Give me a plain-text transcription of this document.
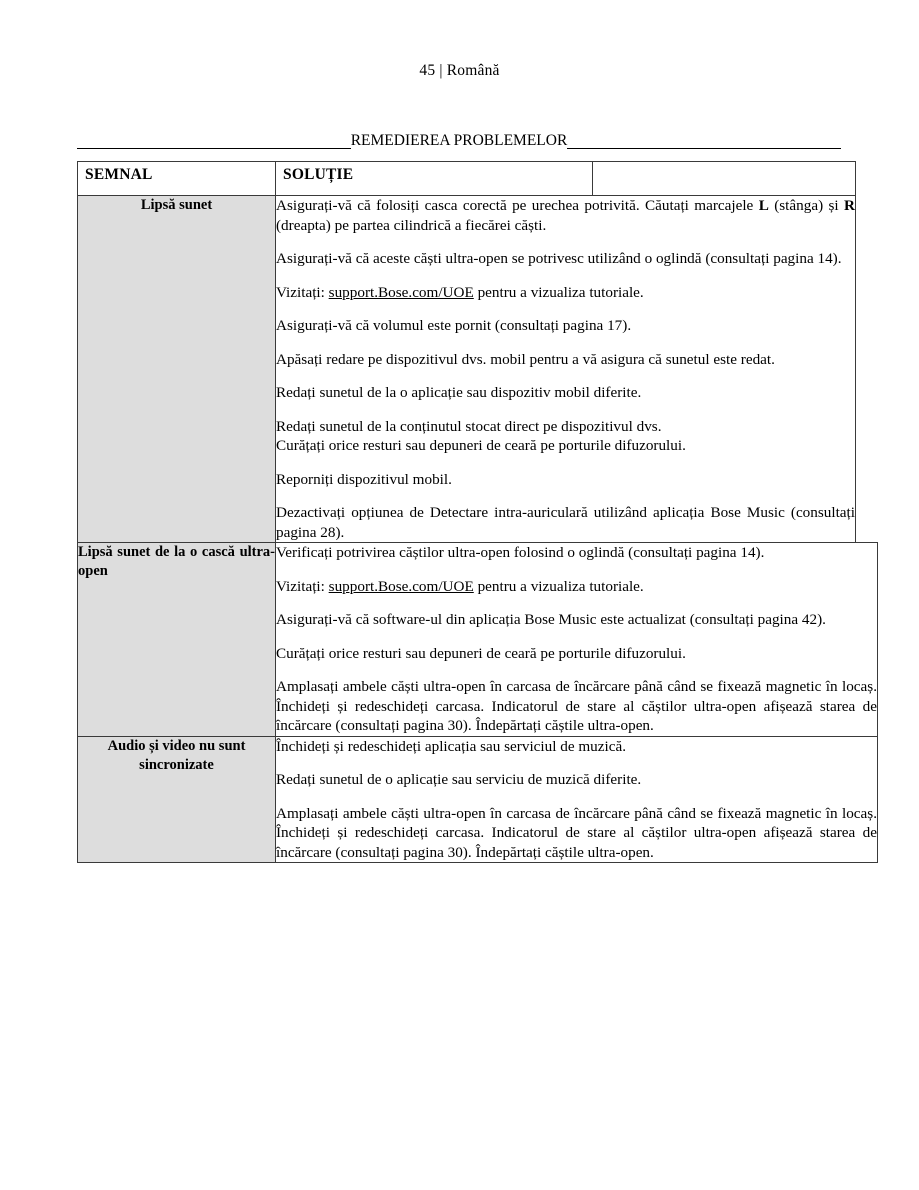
45 | Română
REMEDIEREA PROBLEMELOR
SEMNAL	SOLUȚIE		
Lipsă sunet	Asigurați-vă că folosiți casca corectă pe urechea potrivită. Căutați marcajele L (stânga) și R (dreapta) pe partea cilindrică a fiecărei căști.

Asigurați-vă că aceste căști ultra-open se potrivesc utilizând o oglindă (consultați pagina 14).

Vizitați: support.Bose.com/UOE pentru a vizualiza tutoriale.

Asigurați-vă că volumul este pornit (consultați pagina 17).

Apăsați redare pe dispozitivul dvs. mobil pentru a vă asigura că sunetul este redat.

Redați sunetul de la o aplicație sau dispozitiv mobil diferite.

Redați sunetul de la conținutul stocat direct pe dispozitivul dvs.

Curățați orice resturi sau depuneri de ceară pe porturile difuzorului.

Reporniți dispozitivul mobil.

Dezactivați opțiunea de Detectare intra-auriculară utilizând aplicația Bose Music (consultați pagina 28).

Lipsă sunet de la o cască ultra-open	Verificați potrivirea căștilor ultra-open folosind o oglindă (consultați pagina 14).

Vizitați: support.Bose.com/UOE pentru a vizualiza tutoriale.

Asigurați-vă că software-ul din aplicația Bose Music este actualizat (consultați pagina 42).

Curățați orice resturi sau depuneri de ceară pe porturile difuzorului.

Amplasați ambele căști ultra-open în carcasa de încărcare până când se fixează magnetic în locaș. Închideți și redeschideți carcasa. Indicatorul de stare al căștilor ultra-open afișează starea de încărcare (consultați pagina 30). Îndepărtați căștile ultra-open.		

Audio și video nu sunt sincronizate	Închideți și redeschideți aplicația sau serviciul de muzică.

Redați sunetul de o aplicație sau serviciu de muzică diferite.

Amplasați ambele căști ultra-open în carcasa de încărcare până când se fixează magnetic în locaș. Închideți și redeschideți carcasa. Indicatorul de stare al căștilor ultra-open afișează starea de încărcare (consultați pagina 30). Îndepărtați căștile ultra-open.		
